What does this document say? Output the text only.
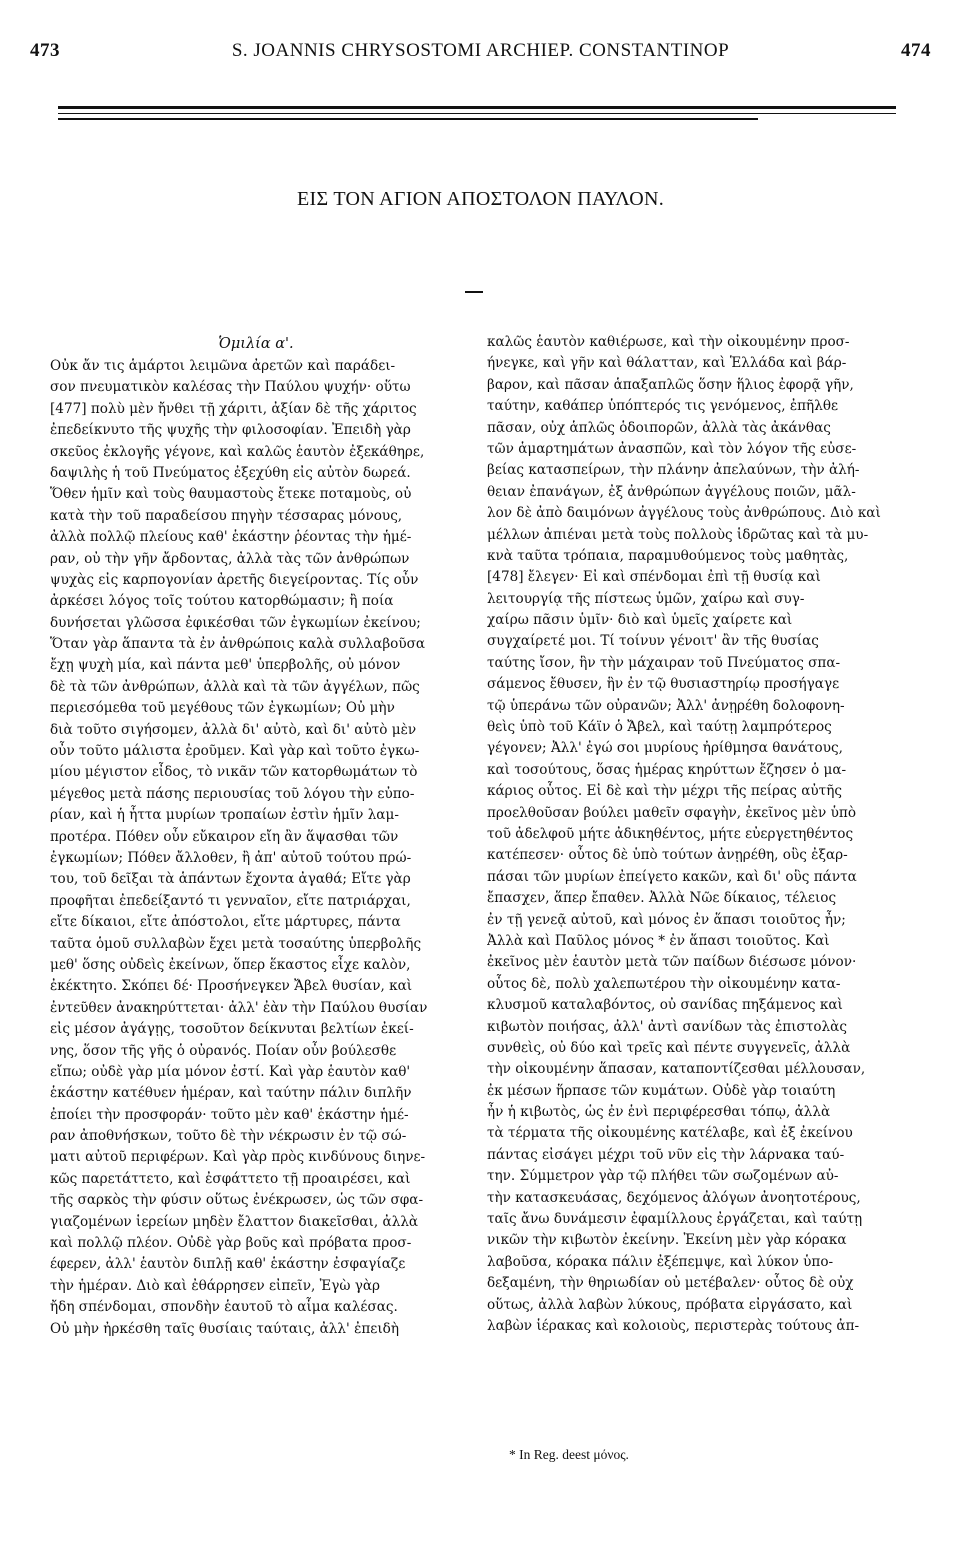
473	S. JOANNIS CHRYSOSTOMI ARCHIEP. CONSTANTINOP	474
ΕΙΣ ΤΟΝ ΑΓΙΟΝ ΑΠΟΣΤΟΛΟΝ ΠΑΥΛΟΝ.
Ὁμιλία α'.
Οὐκ ἄν τις ἁμάρτοι λειμῶνα ἀρετῶν καὶ παράδει-
σον πνευματικὸν καλέσας τὴν Παύλου ψυχήν· οὕτω
[477] πολὺ μὲν ἤνθει τῇ χάριτι, ἀξίαν δὲ τῆς χάριτος
ἐπεδείκνυτο τῆς ψυχῆς τὴν φιλοσοφίαν. Ἐπειδὴ γὰρ
σκεῦος ἐκλογῆς γέγονε, καὶ καλῶς ἑαυτὸν ἐξεκάθηρε,
δαψιλὴς ἡ τοῦ Πνεύματος ἐξεχύθη εἰς αὐτὸν δωρεά.
Ὅθεν ἡμῖν καὶ τοὺς θαυμαστοὺς ἔτεκε ποταμοὺς, οὐ
κατὰ τὴν τοῦ παραδείσου πηγὴν τέσσαρας μόνους,
ἀλλὰ πολλῷ πλείους καθ' ἑκάστην ῥέοντας τὴν ἡμέ-
ραν, οὐ τὴν γῆν ἄρδοντας, ἀλλὰ τὰς τῶν ἀνθρώπων
ψυχὰς εἰς καρπογονίαν ἀρετῆς διεγείροντας. Τίς οὖν
ἀρκέσει λόγος τοῖς τούτου κατορθώμασιν; ἢ ποία
δυνήσεται γλῶσσα ἐφικέσθαι τῶν ἐγκωμίων ἐκείνου;
Ὅταν γὰρ ἅπαντα τὰ ἐν ἀνθρώποις καλὰ συλλαβοῦσα
ἔχῃ ψυχὴ μία, καὶ πάντα μεθ' ὑπερβολῆς, οὐ μόνον
δὲ τὰ τῶν ἀνθρώπων, ἀλλὰ καὶ τὰ τῶν ἀγγέλων, πῶς
περιεσόμεθα τοῦ μεγέθους τῶν ἐγκωμίων; Οὐ μὴν
διὰ τοῦτο σιγήσομεν, ἀλλὰ δι' αὐτὸ, καὶ δι' αὐτὸ μὲν
οὖν τοῦτο μάλιστα ἐροῦμεν. Καὶ γὰρ καὶ τοῦτο ἐγκω-
μίου μέγιστον εἶδος, τὸ νικᾶν τῶν κατορθωμάτων τὸ
μέγεθος μετὰ πάσης περιουσίας τοῦ λόγου τὴν εὐπο-
ρίαν, καὶ ἡ ἧττα μυρίων τροπαίων ἐστὶν ἡμῖν λαμ-
προτέρα. Πόθεν οὖν εὔκαιρον εἴη ἂν ἅψασθαι τῶν
ἐγκωμίων; Πόθεν ἄλλοθεν, ἢ ἀπ' αὐτοῦ τούτου πρώ-
του, τοῦ δεῖξαι τὰ ἁπάντων ἔχοντα ἀγαθά; Εἴτε γὰρ
προφῆται ἐπεδείξαντό τι γενναῖον, εἴτε πατριάρχαι,
εἴτε δίκαιοι, εἴτε ἀπόστολοι, εἴτε μάρτυρες, πάντα
ταῦτα ὁμοῦ συλλαβὼν ἔχει μετὰ τοσαύτης ὑπερβολῆς
μεθ' ὅσης οὐδεὶς ἐκείνων, ὅπερ ἕκαστος εἶχε καλὸν,
ἐκέκτητο. Σκόπει δέ· Προσήνεγκεν Ἄβελ θυσίαν, καὶ
ἐντεῦθεν ἀνακηρύττεται· ἀλλ' ἐὰν τὴν Παύλου θυσίαν
εἰς μέσον ἀγάγῃς, τοσοῦτον δείκνυται βελτίων ἐκεί-
νης, ὅσον τῆς γῆς ὁ οὐρανός. Ποίαν οὖν βούλεσθε
εἴπω; οὐδὲ γὰρ μία μόνον ἐστί. Καὶ γὰρ ἑαυτὸν καθ'
ἑκάστην κατέθυεν ἡμέραν, καὶ ταύτην πάλιν διπλῆν
ἐποίει τὴν προσφοράν· τοῦτο μὲν καθ' ἑκάστην ἡμέ-
ραν ἀποθνήσκων, τοῦτο δὲ τὴν νέκρωσιν ἐν τῷ σώ-
ματι αὐτοῦ περιφέρων. Καὶ γὰρ πρὸς κινδύνους διηνε-
κῶς παρετάττετο, καὶ ἐσφάττετο τῇ προαιρέσει, καὶ
τῆς σαρκὸς τὴν φύσιν οὕτως ἐνέκρωσεν, ὡς τῶν σφα-
γιαζομένων ἱερείων μηδὲν ἔλαττον διακεῖσθαι, ἀλλὰ
καὶ πολλῷ πλέον. Οὐδὲ γὰρ βοῦς καὶ πρόβατα προσ-
έφερεν, ἀλλ' ἑαυτὸν διπλῇ καθ' ἑκάστην ἐσφαγίαζε
τὴν ἡμέραν. Διὸ καὶ ἐθάρρησεν εἰπεῖν, Ἐγὼ γὰρ
ἤδη σπένδομαι, σπονδὴν ἑαυτοῦ τὸ αἷμα καλέσας.
Οὐ μὴν ἠρκέσθη ταῖς θυσίαις ταύταις, ἀλλ' ἐπειδὴ
καλῶς ἑαυτὸν καθιέρωσε, καὶ τὴν οἰκουμένην προσ-
ήνεγκε, καὶ γῆν καὶ θάλατταν, καὶ Ἑλλάδα καὶ βάρ-
βαρον, καὶ πᾶσαν ἁπαξαπλῶς ὅσην ἥλιος ἐφορᾷ γῆν,
ταύτην, καθάπερ ὑπόπτερός τις γενόμενος, ἐπῆλθε
πᾶσαν, οὐχ ἁπλῶς ὁδοιπορῶν, ἀλλὰ τὰς ἀκάνθας
τῶν ἁμαρτημάτων ἀνασπῶν, καὶ τὸν λόγον τῆς εὐσε-
βείας κατασπείρων, τὴν πλάνην ἀπελαύνων, τὴν ἀλή-
θειαν ἐπανάγων, ἐξ ἀνθρώπων ἀγγέλους ποιῶν, μᾶλ-
λον δὲ ἀπὸ δαιμόνων ἀγγέλους τοὺς ἀνθρώπους. Διὸ καὶ
μέλλων ἀπιέναι μετὰ τοὺς πολλοὺς ἱδρῶτας καὶ τὰ μυ-
κνὰ ταῦτα τρόπαια, παραμυθούμενος τοὺς μαθητὰς,
[478] ἔλεγεν· Εἰ καὶ σπένδομαι ἐπὶ τῇ θυσίᾳ καὶ
λειτουργίᾳ τῆς πίστεως ὑμῶν, χαίρω καὶ συγ-
χαίρω πᾶσιν ὑμῖν· διὸ καὶ ὑμεῖς χαίρετε καὶ
συγχαίρετέ μοι. Τί τοίνυν γένοιτ' ἂν τῆς θυσίας
ταύτης ἴσον, ἣν τὴν μάχαιραν τοῦ Πνεύματος σπα-
σάμενος ἔθυσεν, ἣν ἐν τῷ θυσιαστηρίῳ προσήγαγε
τῷ ὑπεράνω τῶν οὐρανῶν; Ἀλλ' ἀνῃρέθη δολοφονη-
θεὶς ὑπὸ τοῦ Κάϊν ὁ Ἄβελ, καὶ ταύτῃ λαμπρότερος
γέγονεν; Ἀλλ' ἐγώ σοι μυρίους ἠρίθμησα θανάτους,
καὶ τοσούτους, ὅσας ἡμέρας κηρύττων ἔζησεν ὁ μα-
κάριος οὗτος. Εἰ δὲ καὶ τὴν μέχρι τῆς πείρας αὐτῆς
προελθοῦσαν βούλει μαθεῖν σφαγὴν, ἐκεῖνος μὲν ὑπὸ
τοῦ ἀδελφοῦ μήτε ἀδικηθέντος, μήτε εὐεργετηθέντος
κατέπεσεν· οὗτος δὲ ὑπὸ τούτων ἀνῃρέθη, οὓς ἐξαρ-
πάσαι τῶν μυρίων ἐπείγετο κακῶν, καὶ δι' οὓς πάντα
ἔπασχεν, ἅπερ ἔπαθεν. Ἀλλὰ Νῶε δίκαιος, τέλειος
ἐν τῇ γενεᾷ αὐτοῦ, καὶ μόνος ἐν ἅπασι τοιοῦτος ἦν;
Ἀλλὰ καὶ Παῦλος μόνος * ἐν ἅπασι τοιοῦτος. Καὶ
ἐκεῖνος μὲν ἑαυτὸν μετὰ τῶν παίδων διέσωσε μόνον·
οὗτος δὲ, πολὺ χαλεπωτέρου τὴν οἰκουμένην κατα-
κλυσμοῦ καταλαβόντος, οὐ σανίδας πηξάμενος καὶ
κιβωτὸν ποιήσας, ἀλλ' ἀντὶ σανίδων τὰς ἐπιστολὰς
συνθεὶς, οὐ δύο καὶ τρεῖς καὶ πέντε συγγενεῖς, ἀλλὰ
τὴν οἰκουμένην ἅπασαν, καταποντίζεσθαι μέλλουσαν,
ἐκ μέσων ἥρπασε τῶν κυμάτων. Οὐδὲ γὰρ τοιαύτη
ἦν ἡ κιβωτὸς, ὡς ἐν ἑνὶ περιφέρεσθαι τόπῳ, ἀλλὰ
τὰ τέρματα τῆς οἰκουμένης κατέλαβε, καὶ ἐξ ἐκείνου
πάντας εἰσάγει μέχρι τοῦ νῦν εἰς τὴν λάρνακα ταύ-
την. Σύμμετρον γὰρ τῷ πλήθει τῶν σωζομένων αὐ-
τὴν κατασκευάσας, δεχόμενος ἀλόγων ἀνοητοτέρους,
ταῖς ἄνω δυνάμεσιν ἐφαμίλλους ἐργάζεται, καὶ ταύτῃ
νικῶν τὴν κιβωτὸν ἐκείνην. Ἐκείνη μὲν γὰρ κόρακα
λαβοῦσα, κόρακα πάλιν ἐξέπεμψε, καὶ λύκον ὑπο-
δεξαμένη, τὴν θηριωδίαν οὐ μετέβαλεν· οὗτος δὲ οὐχ
οὕτως, ἀλλὰ λαβὼν λύκους, πρόβατα εἰργάσατο, καὶ
λαβὼν ἱέρακας καὶ κολοιοὺς, περιστερὰς τούτους ἀπ-
* In Reg. deest μόνος.
